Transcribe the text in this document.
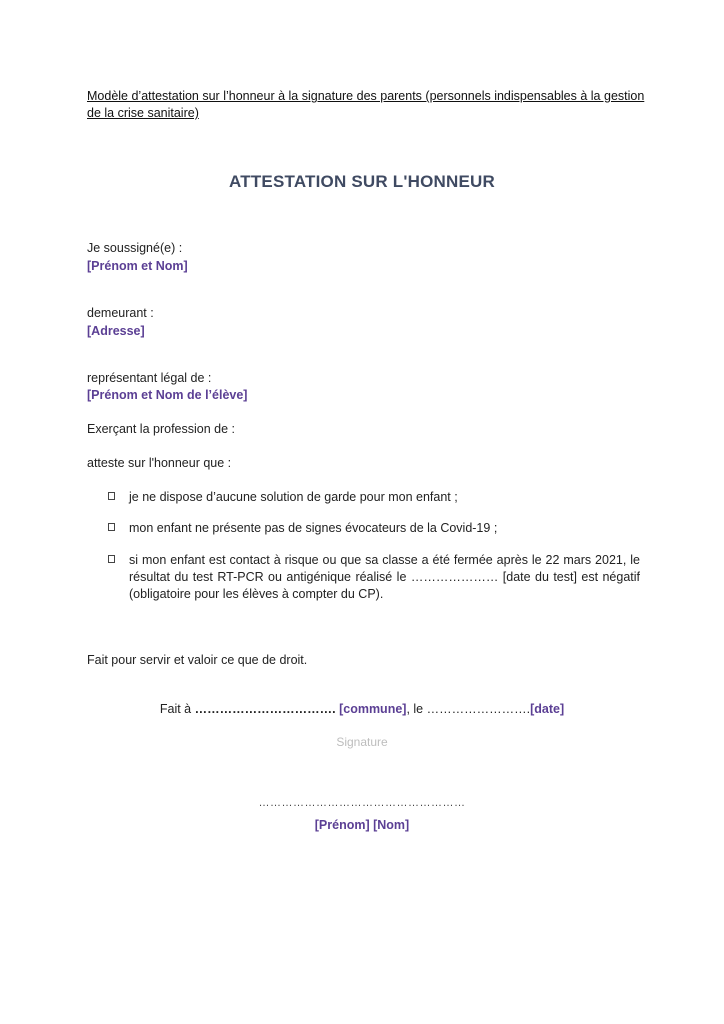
Modèle d’attestation sur l’honneur à la signature des parents (personnels indispensables à la gestion de la crise sanitaire)
ATTESTATION SUR L'HONNEUR
Je soussigné(e) :
[Prénom et Nom]
demeurant :
[Adresse]
représentant légal de :
[Prénom et Nom de l’élève]
Exerçant la profession de :
atteste sur l'honneur que :
je ne dispose d’aucune solution de garde pour mon enfant ;
mon enfant ne présente pas de signes évocateurs de la Covid-19 ;
si mon enfant est contact à risque ou que sa classe a été fermée après le 22 mars 2021, le résultat du test RT-PCR ou antigénique réalisé le ………………… [date du test] est négatif (obligatoire pour les élèves à compter du CP).
Fait pour servir et valoir ce que de droit.
Fait à ……………………………. [commune], le …………………….[date]
Signature
………………………………………………
[Prénom] [Nom]
